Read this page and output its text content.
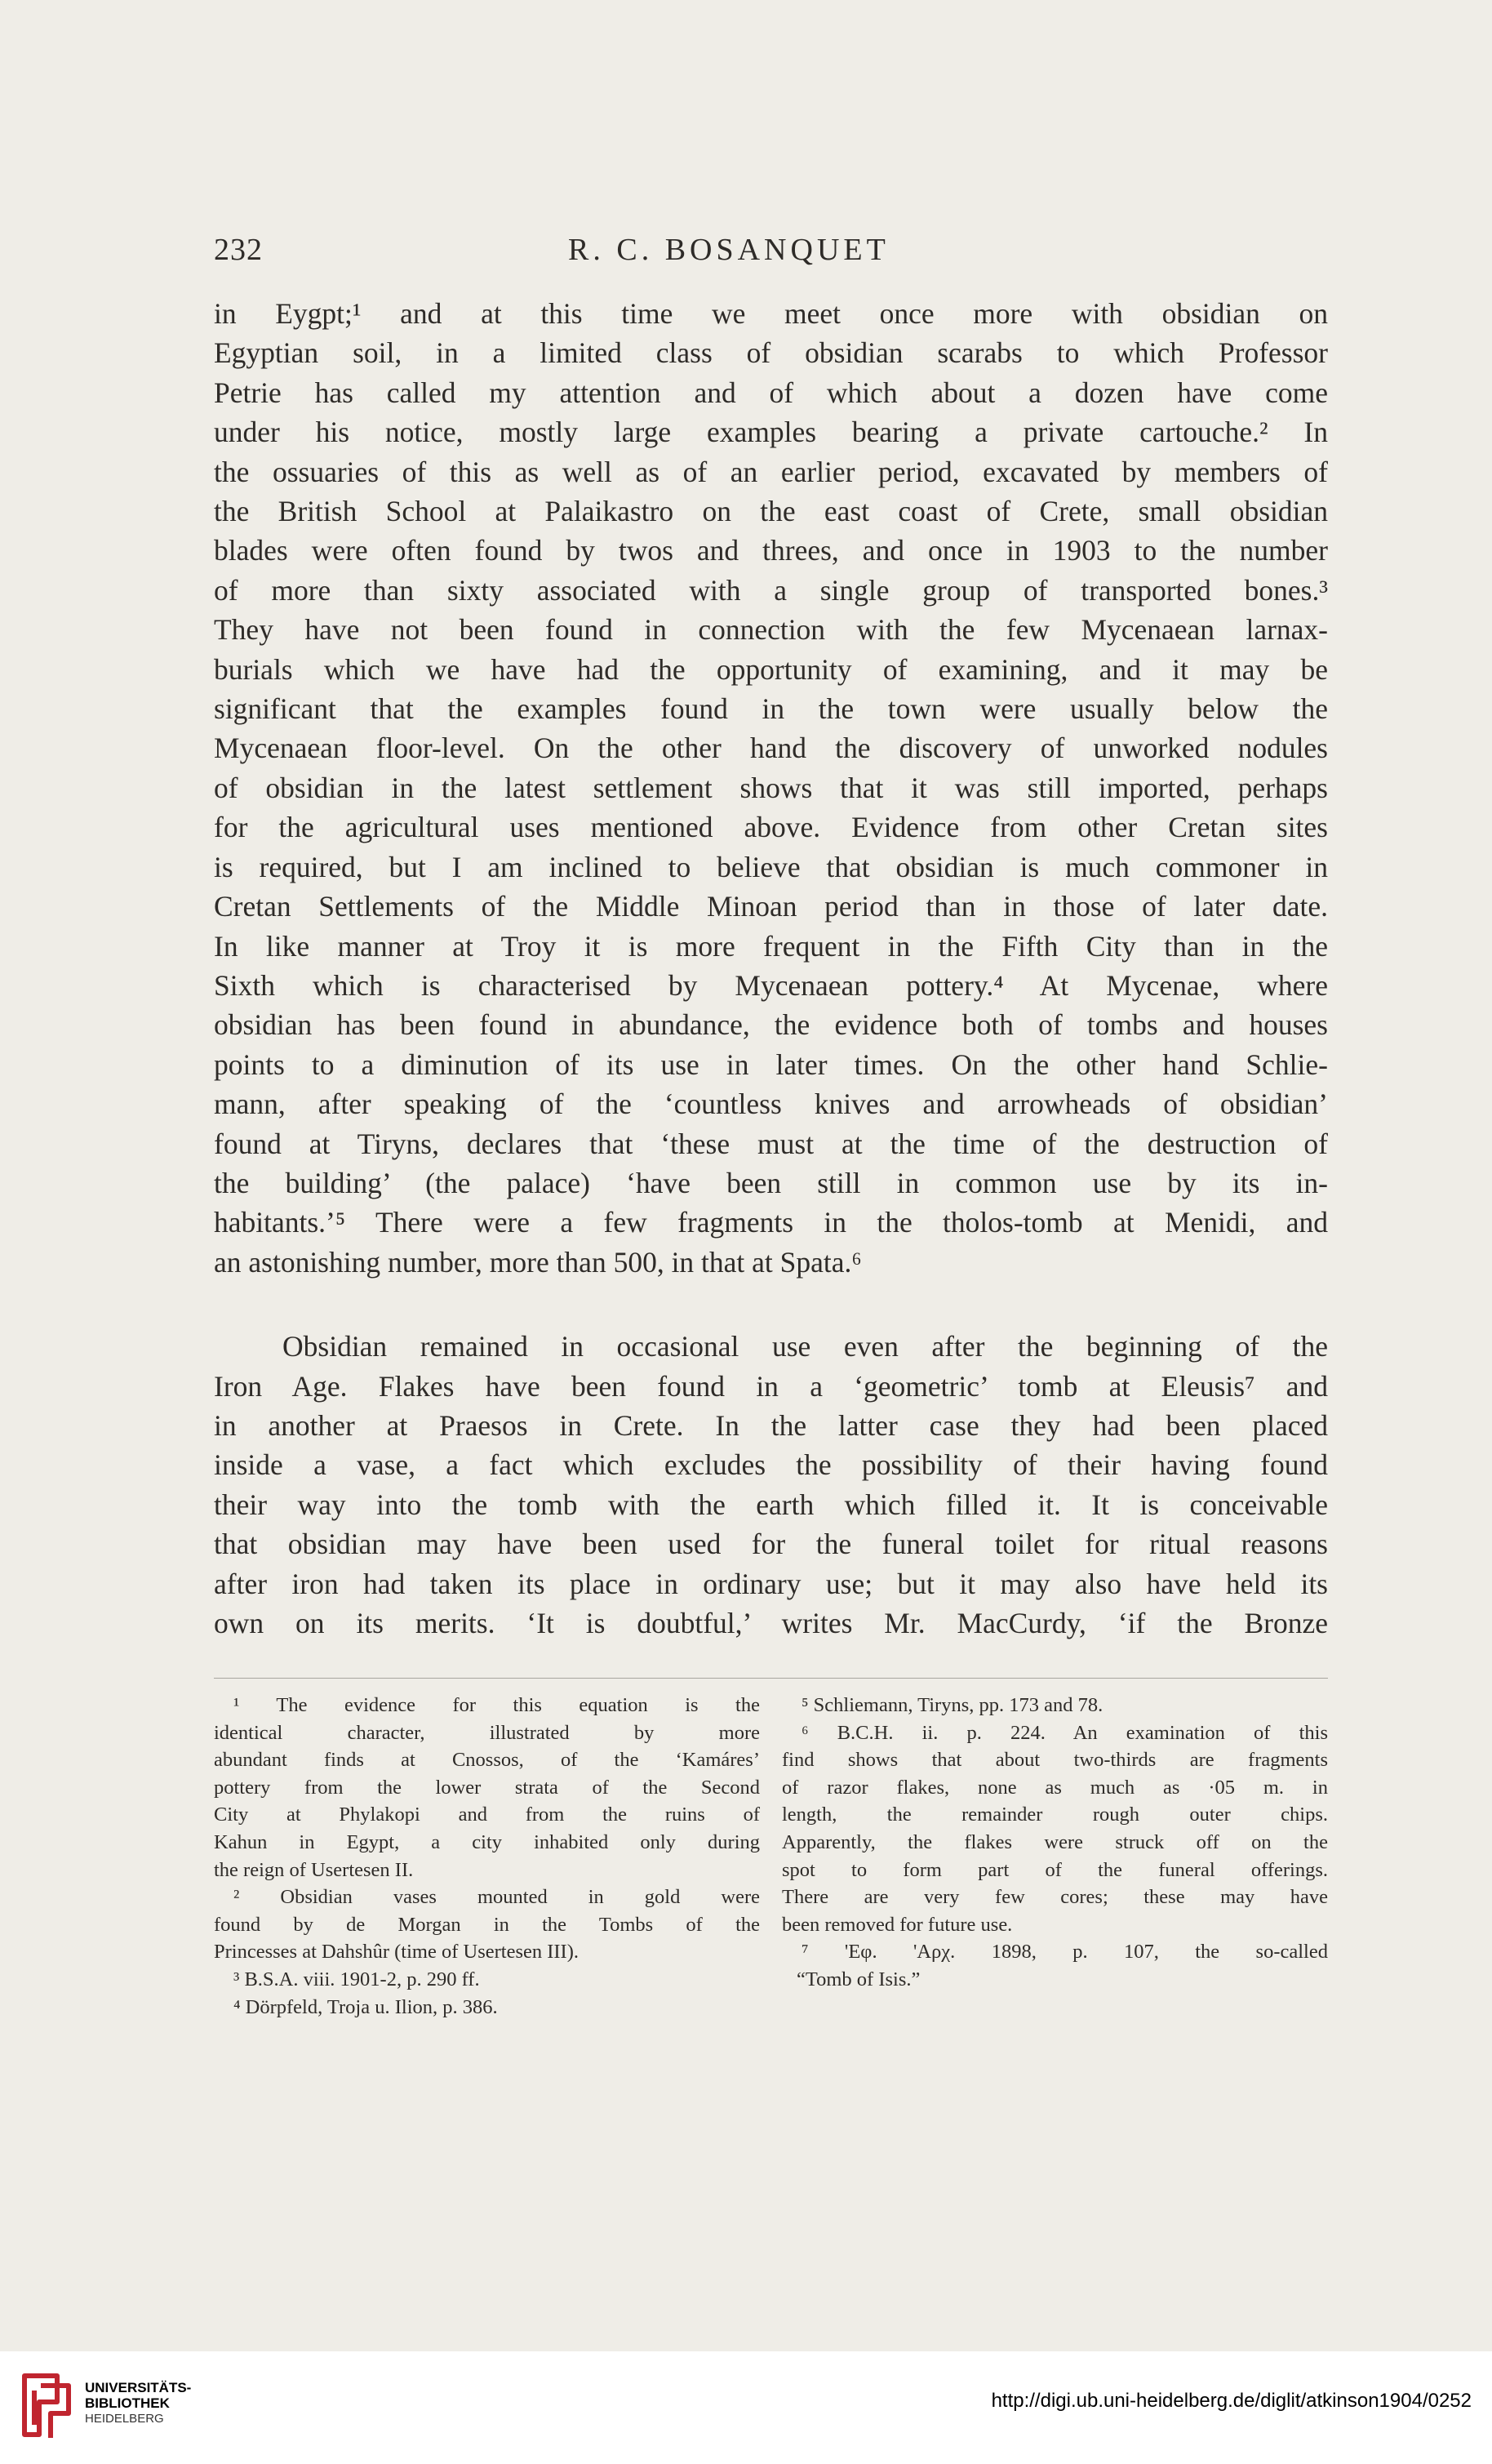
232	R. C. BOSANQUET

in Eygpt;¹ and at this time we meet once more with obsidian on

Egyptian soil, in a limited class of obsidian scarabs to which Professor

Petrie has called my attention and of which about a dozen have come

under his notice, mostly large examples bearing a private cartouche.² In

the ossuaries of this as well as of an earlier period, excavated by members of

the British School at Palaikastro on the east coast of Crete, small obsidian

blades were often found by twos and threes, and once in 1903 to the number

of more than sixty associated with a single group of transported bones.³

They have not been found in connection with the few Mycenaean larnax-

burials which we have had the opportunity of examining, and it may be

significant that the examples found in the town were usually below the

Mycenaean floor-level. On the other hand the discovery of unworked nodules

of obsidian in the latest settlement shows that it was still imported, perhaps

for the agricultural uses mentioned above. Evidence from other Cretan sites

is required, but I am inclined to believe that obsidian is much commoner in

Cretan Settlements of the Middle Minoan period than in those of later date.

In like manner at Troy it is more frequent in the Fifth City than in the

Sixth which is characterised by Mycenaean pottery.⁴ At Mycenae, where

obsidian has been found in abundance, the evidence both of tombs and houses

points to a diminution of its use in later times. On the other hand Schlie-

mann, after speaking of the ‘countless knives and arrowheads of obsidian’

found at Tiryns, declares that ‘these must at the time of the destruction of

the building’ (the palace) ‘have been still in common use by its in-

habitants.’⁵ There were a few fragments in the tholos-tomb at Menidi, and

an astonishing number, more than 500, in that at Spata.⁶

Obsidian remained in occasional use even after the beginning of the

Iron Age. Flakes have been found in a ‘geometric’ tomb at Eleusis⁷ and

in another at Praesos in Crete. In the latter case they had been placed

inside a vase, a fact which excludes the possibility of their having found

their way into the tomb with the earth which filled it. It is conceivable

that obsidian may have been used for the funeral toilet for ritual reasons

after iron had taken its place in ordinary use; but it may also have held its

own on its merits. ‘It is doubtful,’ writes Mr. MacCurdy, ‘if the Bronze

¹ The evidence for this equation is the

identical character, illustrated by more

abundant finds at Cnossos, of the ‘Kamáres’

pottery from the lower strata of the Second

City at Phylakopi and from the ruins of

Kahun in Egypt, a city inhabited only during

the reign of Usertesen II.

² Obsidian vases mounted in gold were

found by de Morgan in the Tombs of the

Princesses at Dahshûr (time of Usertesen III).

³ B.S.A. viii. 1901-2, p. 290 ff.

⁴ Dörpfeld, Troja u. Ilion, p. 386.

⁵ Schliemann, Tiryns, pp. 173 and 78.

⁶ B.C.H. ii. p. 224. An examination of this

find shows that about two-thirds are fragments

of razor flakes, none as much as ·05 m. in

length, the remainder rough outer chips.

Apparently, the flakes were struck off on the

spot to form part of the funeral offerings.

There are very few cores; these may have

been removed for future use.

⁷ 'Εφ. 'Αρχ. 1898, p. 107, the so-called

“Tomb of Isis.”

UNIVERSITÄTS-
BIBLIOTHEK
HEIDELBERG
http://digi.ub.uni-heidelberg.de/diglit/atkinson1904/0252
